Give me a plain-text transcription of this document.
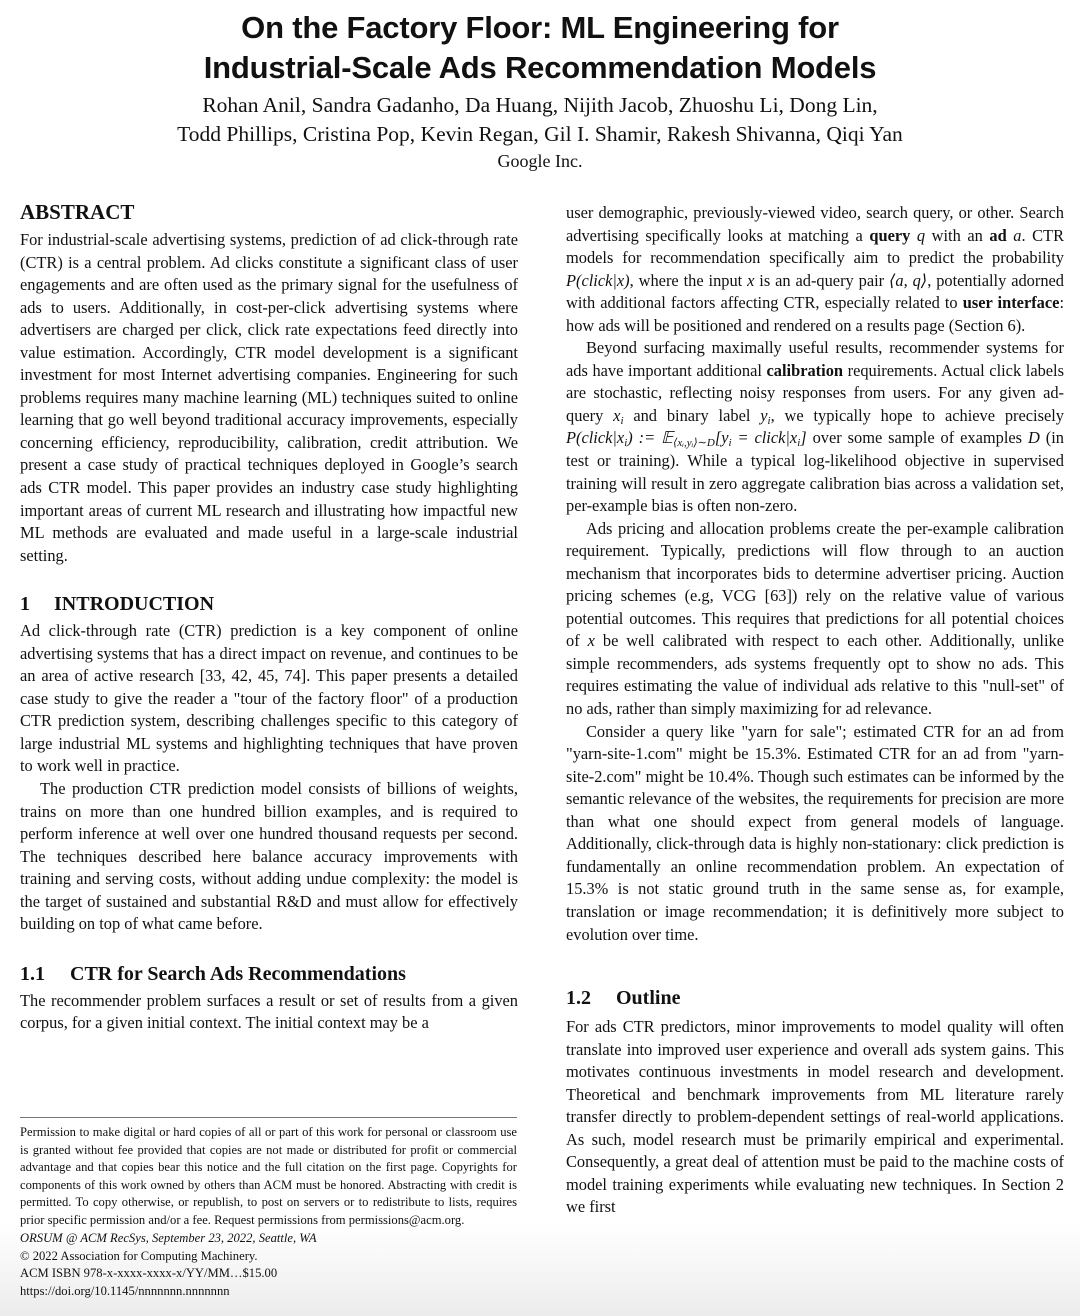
On the Factory Floor: ML Engineering for
Industrial-Scale Ads Recommendation Models
Rohan Anil, Sandra Gadanho, Da Huang, Nijith Jacob, Zhuoshu Li, Dong Lin,
Todd Phillips, Cristina Pop, Kevin Regan, Gil I. Shamir, Rakesh Shivanna, Qiqi Yan
Google Inc.
ABSTRACT

For industrial-scale advertising systems, prediction of ad click-through rate (CTR) is a central problem. Ad clicks constitute a significant class of user engagements and are often used as the primary signal for the usefulness of ads to users. Additionally, in cost-per-click advertising systems where advertisers are charged per click, click rate expectations feed directly into value estimation. Accordingly, CTR model development is a significant investment for most Internet advertising companies. Engineering for such problems requires many machine learning (ML) techniques suited to online learning that go well beyond traditional accuracy improvements, especially concerning efficiency, reproducibility, calibration, credit attribution. We present a case study of practical techniques deployed in Google’s search ads CTR model. This paper provides an industry case study highlighting important areas of current ML research and illustrating how impactful new ML methods are evaluated and made useful in a large-scale industrial setting.

1 INTRODUCTION

Ad click-through rate (CTR) prediction is a key component of online advertising systems that has a direct impact on revenue, and continues to be an area of active research [33, 42, 45, 74]. This paper presents a detailed case study to give the reader a "tour of the factory floor" of a production CTR prediction system, describing challenges specific to this category of large industrial ML systems and highlighting techniques that have proven to work well in practice.

The production CTR prediction model consists of billions of weights, trains on more than one hundred billion examples, and is required to perform inference at well over one hundred thousand requests per second. The techniques described here balance accuracy improvements with training and serving costs, without adding undue complexity: the model is the target of sustained and substantial R&D and must allow for effectively building on top of what came before.

1.1 CTR for Search Ads Recommendations

The recommender problem surfaces a result or set of results from a given corpus, for a given initial context. The initial context may be a

Permission to make digital or hard copies of all or part of this work for personal or classroom use is granted without fee provided that copies are not made or distributed for profit or commercial advantage and that copies bear this notice and the full citation on the first page. Copyrights for components of this work owned by others than ACM must be honored. Abstracting with credit is permitted. To copy otherwise, or republish, to post on servers or to redistribute to lists, requires prior specific permission and/or a fee. Request permissions from permissions@acm.org.

ORSUM @ ACM RecSys, September 23, 2022, Seattle, WA

© 2022 Association for Computing Machinery.

ACM ISBN 978-x-xxxx-xxxx-x/YY/MM…$15.00

https://doi.org/10.1145/nnnnnnn.nnnnnnn

user demographic, previously-viewed video, search query, or other. Search advertising specifically looks at matching a query q with an ad a. CTR models for recommendation specifically aim to predict the probability P(click|x), where the input x is an ad-query pair ⟨a, q⟩, potentially adorned with additional factors affecting CTR, especially related to user interface: how ads will be positioned and rendered on a results page (Section 6).

Beyond surfacing maximally useful results, recommender systems for ads have important additional calibration requirements. Actual click labels are stochastic, reflecting noisy responses from users. For any given ad-query $x_i$ and binary label $y_i$, we typically hope to achieve precisely $P(click|x_i)$ := $𝔼_{⟨xᵢ,yᵢ⟩\sim D}[y_i$ = $click|x_i$] over some sample of examples D (in test or training). While a typical log-likelihood objective in supervised training will result in zero aggregate calibration bias across a validation set, per-example bias is often non-zero.

Ads pricing and allocation problems create the per-example calibration requirement. Typically, predictions will flow through to an auction mechanism that incorporates bids to determine advertiser pricing. Auction pricing schemes (e.g, VCG [63]) rely on the relative value of various potential outcomes. This requires that predictions for all potential choices of x be well calibrated with respect to each other. Additionally, unlike simple recommenders, ads systems frequently opt to show no ads. This requires estimating the value of individual ads relative to this "null-set" of no ads, rather than simply maximizing for ad relevance.

Consider a query like "yarn for sale"; estimated CTR for an ad from "yarn-site-1.com" might be 15.3%. Estimated CTR for an ad from "yarn-site-2.com" might be 10.4%. Though such estimates can be informed by the semantic relevance of the websites, the requirements for precision are more than what one should expect from general models of language. Additionally, click-through data is highly non-stationary: click prediction is fundamentally an online recommendation problem. An expectation of 15.3% is not static ground truth in the same sense as, for example, translation or image recommendation; it is definitively more subject to evolution over time.

1.2 Outline

For ads CTR predictors, minor improvements to model quality will often translate into improved user experience and overall ads system gains. This motivates continuous investments in model research and development. Theoretical and benchmark improvements from ML literature rarely transfer directly to problem-dependent settings of real-world applications. As such, model research must be primarily empirical and experimental. Consequently, a great deal of attention must be paid to the machine costs of model training experiments while evaluating new techniques. In Section 2 we first
